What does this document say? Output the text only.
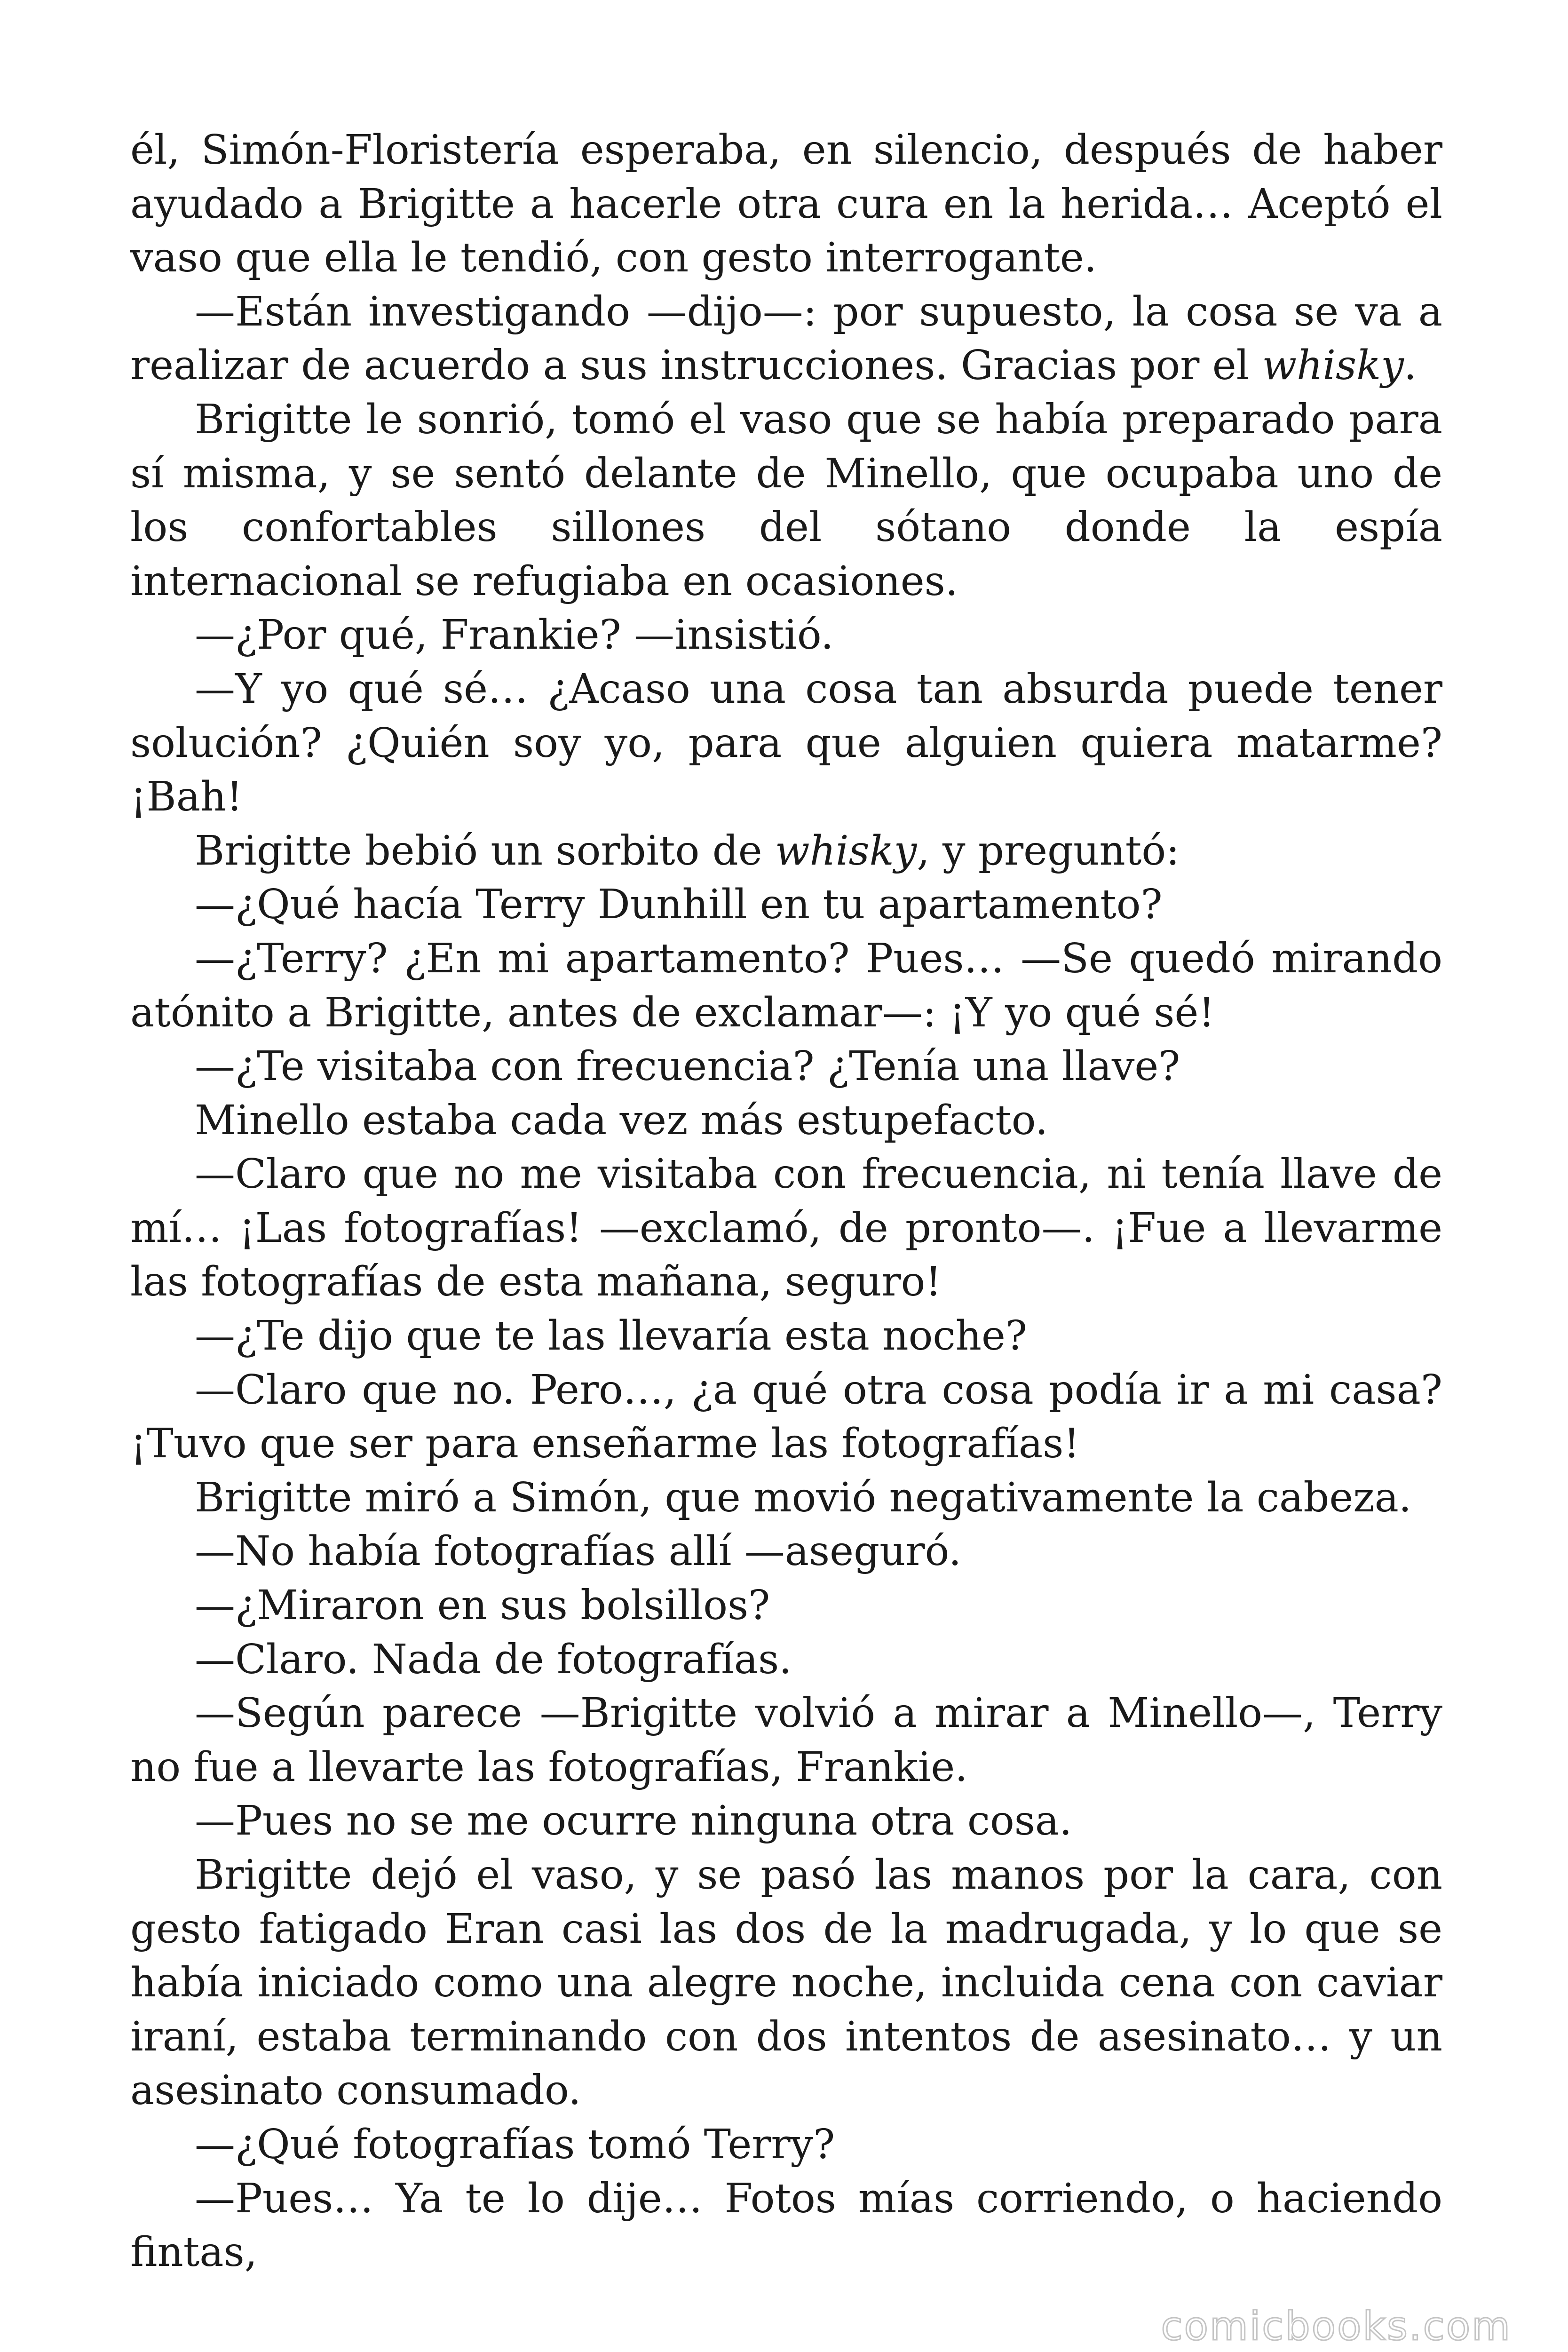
él, Simón-Floristería esperaba, en silencio, después de haber ayudado a Brigitte a hacerle otra cura en la herida… Aceptó el vaso que ella le tendió, con gesto interrogante.

—Están investigando —dijo—: por supuesto, la cosa se va a realizar de acuerdo a sus instrucciones. Gracias por el whisky.

Brigitte le sonrió, tomó el vaso que se había preparado para sí misma, y se sentó delante de Minello, que ocupaba uno de los confortables sillones del sótano donde la espía internacional se refugiaba en ocasiones.

—¿Por qué, Frankie? —insistió.

—Y yo qué sé… ¿Acaso una cosa tan absurda puede tener solución? ¿Quién soy yo, para que alguien quiera matarme? ¡Bah!

Brigitte bebió un sorbito de whisky, y preguntó:

—¿Qué hacía Terry Dunhill en tu apartamento?

—¿Terry? ¿En mi apartamento? Pues… —Se quedó mirando atónito a Brigitte, antes de exclamar—: ¡Y yo qué sé!

—¿Te visitaba con frecuencia? ¿Tenía una llave?

Minello estaba cada vez más estupefacto.

—Claro que no me visitaba con frecuencia, ni tenía llave de mí… ¡Las fotografías! —exclamó, de pronto—. ¡Fue a llevarme las fotografías de esta mañana, seguro!

—¿Te dijo que te las llevaría esta noche?

—Claro que no. Pero…, ¿a qué otra cosa podía ir a mi casa? ¡Tuvo que ser para enseñarme las fotografías!

Brigitte miró a Simón, que movió negativamente la cabeza.

—No había fotografías allí —aseguró.

—¿Miraron en sus bolsillos?

—Claro. Nada de fotografías.

—Según parece —Brigitte volvió a mirar a Minello—, Terry no fue a llevarte las fotografías, Frankie.

—Pues no se me ocurre ninguna otra cosa.

Brigitte dejó el vaso, y se pasó las manos por la cara, con gesto fatigado Eran casi las dos de la madrugada, y lo que se había iniciado como una alegre noche, incluida cena con caviar iraní, estaba terminando con dos intentos de asesinato… y un asesinato consumado.

—¿Qué fotografías tomó Terry?

—Pues… Ya te lo dije… Fotos mías corriendo, o haciendo fintas,

comicbooks.com
